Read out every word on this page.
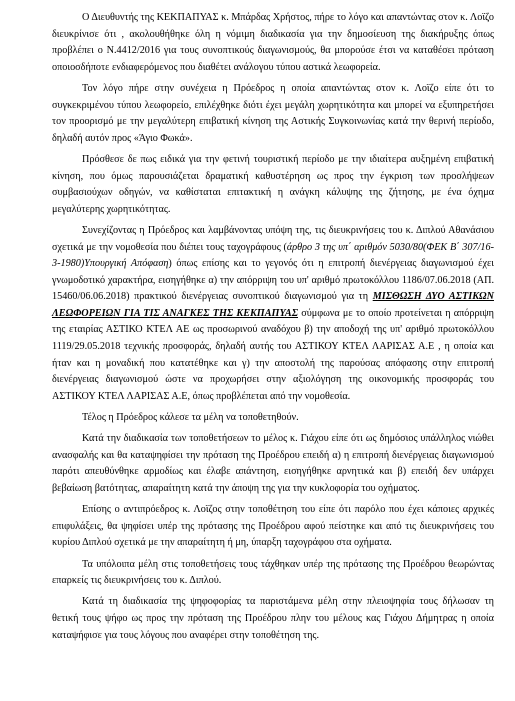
Ο Διευθυντής της ΚΕΚΠΑΠΥΑΣ κ. Μπάρδας Χρήστος, πήρε το λόγο και απαντώντας στον κ. Λοϊζο διευκρίνισε ότι , ακολουθήθηκε όλη η νόμιμη διαδικασία για την δημοσίευση της διακήρυξης όπως προβλέπει ο Ν.4412/2016 για τους συνοπτικούς διαγωνισμούς, θα μπορούσε έτσι να καταθέσει πρόταση οποιοσδήποτε ενδιαφερόμενος που διαθέτει ανάλογου τύπου αστικά λεωφορεία.

Τον λόγο πήρε στην συνέχεια η Πρόεδρος η οποία απαντώντας στον κ. Λοϊζο είπε ότι το συγκεκριμένου τύπου λεωφορείο, επιλέχθηκε διότι έχει μεγάλη χωρητικότητα και μπορεί να εξυπηρετήσει τον προορισμό με την μεγαλύτερη επιβατική κίνηση της Αστικής Συγκοινωνίας κατά την θερινή περίοδο, δηλαδή αυτόν προς «Άγιο Φωκά».

Πρόσθεσε δε πως ειδικά για την φετινή τουριστική περίοδο με την ιδιαίτερα αυξημένη επιβατική κίνηση, που όμως παρουσιάζεται δραματική καθυστέρηση ως προς την έγκριση των προσλήψεων συμβασιούχων οδηγών, να καθίσταται επιτακτική η ανάγκη κάλυψης της ζήτησης, με ένα όχημα μεγαλύτερης χωρητικότητας.

Συνεχίζοντας η Πρόεδρος και λαμβάνοντας υπόψη της, τις διευκρινήσεις του κ. Διπλού Αθανάσιου σχετικά με την νομοθεσία που διέπει τους ταχογράφους (άρθρο 3 της υπ΄ αριθμόν 5030/80(ΦΕΚ Β΄ 307/16-3-1980)Υπουργική Απόφαση) όπως επίσης και το γεγονός ότι η επιτροπή διενέργειας διαγωνισμού έχει γνωμοδοτικό χαρακτήρα, εισηγήθηκε α) την απόρριψη του υπ' αριθμό πρωτοκόλλου 1186/07.06.2018 (ΑΠ. 15460/06.06.2018) πρακτικού διενέργειας συνοπτικού διαγωνισμού για τη ΜΙΣΘΩΣΗ ΔΥΟ ΑΣΤΙΚΩΝ ΛΕΩΦΟΡΕΙΩΝ ΓΙΑ ΤΙΣ ΑΝΑΓΚΕΣ ΤΗΣ ΚΕΚΠΑΠΥΑΣ σύμφωνα με το οποίο προτείνεται η απόρριψη της εταιρίας ΑΣΤΙΚΟ ΚΤΕΛ ΑΕ ως προσωρινού αναδόχου β) την αποδοχή της υπ' αριθμό πρωτοκόλλου 1119/29.05.2018 τεχνικής προσφοράς, δηλαδή αυτής του ΑΣΤΙΚΟΥ ΚΤΕΛ ΛΑΡΙΣΑΣ Α.Ε , η οποία και ήταν και η μοναδική που κατατέθηκε και γ) την αποστολή της παρούσας απόφασης στην επιτροπή διενέργειας διαγωνισμού ώστε να προχωρήσει στην αξιολόγηση της οικονομικής προσφοράς του ΑΣΤΙΚΟΥ ΚΤΕΛ ΛΑΡΙΣΑΣ Α.Ε, όπως προβλέπεται από την νομοθεσία.

Τέλος η Πρόεδρος κάλεσε τα μέλη να τοποθετηθούν.

Κατά την διαδικασία των τοποθετήσεων το μέλος κ. Γιάχου είπε ότι ως δημόσιος υπάλληλος νιώθει ανασφαλής και θα καταψηφίσει την πρόταση της Προέδρου επειδή α) η επιτροπή διενέργειας διαγωνισμού παρότι απευθύνθηκε αρμοδίως και έλαβε απάντηση, εισηγήθηκε αρνητικά και β) επειδή δεν υπάρχει βεβαίωση βατότητας, απαραίτητη κατά την άποψη της για την κυκλοφορία του οχήματος.

Επίσης ο αντιπρόεδρος κ. Λοϊζος στην τοποθέτηση του είπε ότι παρόλο που έχει κάποιες αρχικές επιφυλάξεις, θα ψηφίσει υπέρ της πρότασης της Προέδρου αφού πείστηκε και από τις διευκρινήσεις του κυρίου Διπλού σχετικά με την απαραίτητη ή μη, ύπαρξη ταχογράφου στα οχήματα.

Τα υπόλοιπα μέλη στις τοποθετήσεις τους τάχθηκαν υπέρ της πρότασης της Προέδρου θεωρώντας επαρκείς τις διευκρινήσεις του κ. Διπλού.

Κατά τη διαδικασία της ψηφοφορίας τα παριστάμενα μέλη στην πλειοψηφία τους δήλωσαν τη θετική τους ψήφο ως προς την πρόταση της Προέδρου πλην του μέλους κας Γιάχου Δήμητρας η οποία καταψήφισε για τους λόγους που αναφέρει στην τοποθέτηση της.
